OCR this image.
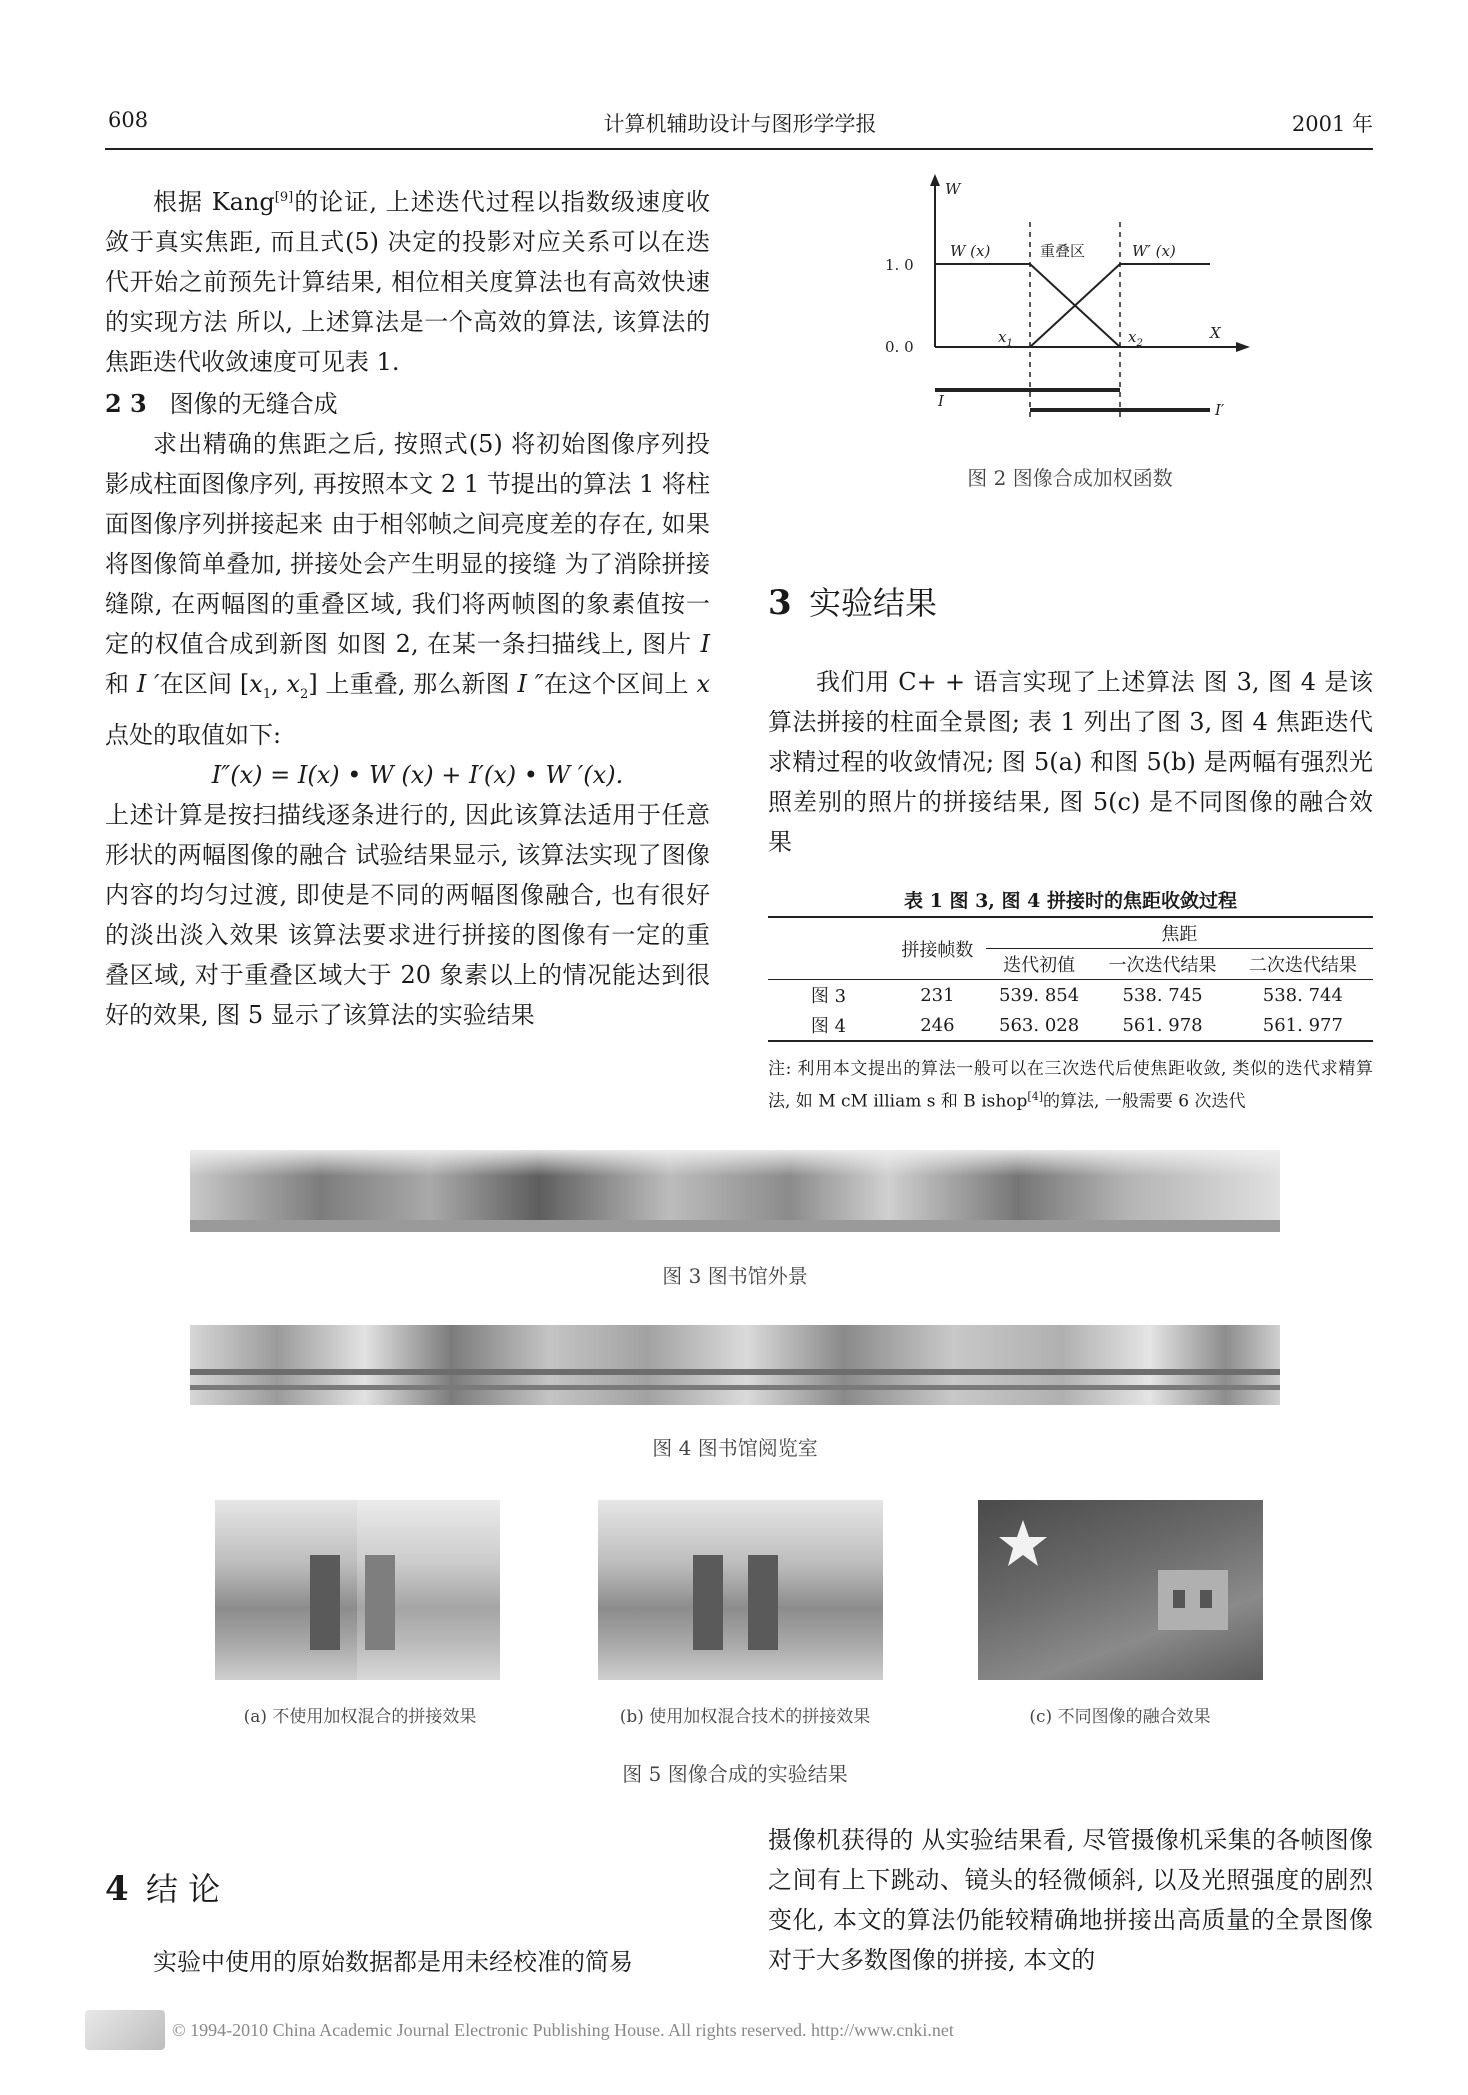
608	计算机辅助设计与图形学学报	2001 年

根据 Kang[9]的论证, 上述迭代过程以指数级速度收敛于真实焦距, 而且式(5) 决定的投影对应关系可以在迭代开始之前预先计算结果, 相位相关度算法也有高效快速的实现方法 所以, 上述算法是一个高效的算法, 该算法的焦距迭代收敛速度可见表 1.

2 3 图像的无缝合成

求出精确的焦距之后, 按照式(5) 将初始图像序列投影成柱面图像序列, 再按照本文 2 1 节提出的算法 1 将柱面图像序列拼接起来 由于相邻帧之间亮度差的存在, 如果将图像简单叠加, 拼接处会产生明显的接缝 为了消除拼接缝隙, 在两幅图的重叠区域, 我们将两帧图的象素值按一定的权值合成到新图 如图 2, 在某一条扫描线上, 图片 I 和 I ′在区间 [$x_1$, $x_2$] 上重叠, 那么新图 I ″在这个区间上 x 点处的取值如下:

I″(x) = I(x) • W (x) + I′(x) • W ′(x).

上述计算是按扫描线逐条进行的, 因此该算法适用于任意形状的两幅图像的融合 试验结果显示, 该算法实现了图像内容的均匀过渡, 即使是不同的两幅图像融合, 也有很好的淡出淡入效果 该算法要求进行拼接的图像有一定的重叠区域, 对于重叠区域大于 20 象素以上的情况能达到很好的效果, 图 5 显示了该算法的实验结果

W
X
1. 0
0. 0
W (x)	重叠区	W′ (x)
$x_1$	$x_2$
I	I′
图 2 图像合成加权函数
3 实验结果

我们用 C+ + 语言实现了上述算法 图 3, 图 4 是该算法拼接的柱面全景图; 表 1 列出了图 3, 图 4 焦距迭代求精过程的收敛情况; 图 5(a) 和图 5(b) 是两幅有强烈光照差别的照片的拼接结果, 图 5(c) 是不同图像的融合效果

表 1 图 3, 图 4 拼接时的焦距收敛过程
	拼接帧数	焦距		
		迭代初值	一次迭代结果	二次迭代结果
图 3	231	539. 854	538. 745	538. 744
图 4	246	563. 028	561. 978	561. 977
注: 利用本文提出的算法一般可以在三次迭代后使焦距收敛, 类似的迭代求精算法, 如 M cM illiam s 和 B ishop[4]的算法, 一般需要 6 次迭代
图 3 图书馆外景
图 4 图书馆阅览室
(a) 不使用加权混合的拼接效果	(b) 使用加权混合技术的拼接效果	(c) 不同图像的融合效果
图 5 图像合成的实验结果
4 结 论

实验中使用的原始数据都是用未经校准的简易

摄像机获得的 从实验结果看, 尽管摄像机采集的各帧图像之间有上下跳动、镜头的轻微倾斜, 以及光照强度的剧烈变化, 本文的算法仍能较精确地拼接出高质量的全景图像 对于大多数图像的拼接, 本文的

© 1994-2010 China Academic Journal Electronic Publishing House. All rights reserved. http://www.cnki.net
